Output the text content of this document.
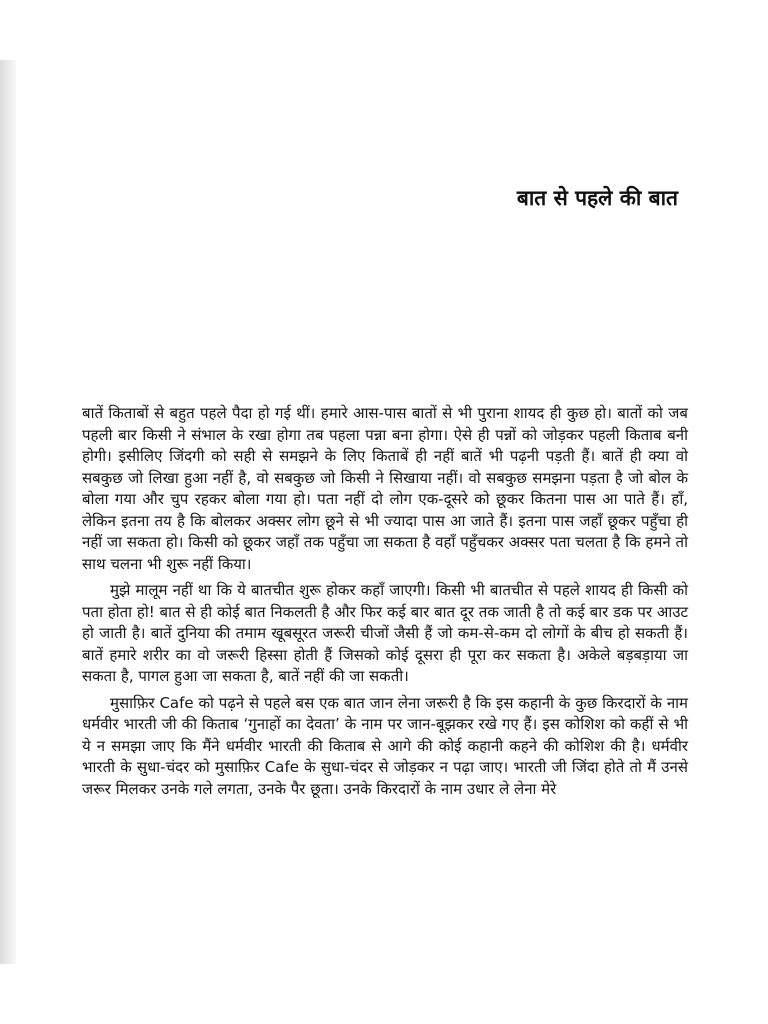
बात से पहले की बात

बातें किताबों से बहुत पहले पैदा हो गई थीं। हमारे आस-पास बातों से भी पुराना शायद ही कुछ हो। बातों को जब पहली बार किसी ने संभाल के रखा होगा तब पहला पन्ना बना होगा। ऐसे ही पन्नों को जोड़कर पहली किताब बनी होगी। इसीलिए जिंदगी को सही से समझने के लिए किताबें ही नहीं बातें भी पढ़नी पड़ती हैं। बातें ही क्या वो सबकुछ जो लिखा हुआ नहीं है, वो सबकुछ जो किसी ने सिखाया नहीं। वो सबकुछ समझना पड़ता है जो बोल के बोला गया और चुप रहकर बोला गया हो। पता नहीं दो लोग एक-दूसरे को छूकर कितना पास आ पाते हैं। हाँ, लेकिन इतना तय है कि बोलकर अक्सर लोग छूने से भी ज्यादा पास आ जाते हैं। इतना पास जहाँ छूकर पहुँचा ही नहीं जा सकता हो। किसी को छूकर जहाँ तक पहुँचा जा सकता है वहाँ पहुँचकर अक्सर पता चलता है कि हमने तो साथ चलना भी शुरू नहीं किया।

मुझे मालूम नहीं था कि ये बातचीत शुरू होकर कहाँ जाएगी। किसी भी बातचीत से पहले शायद ही किसी को पता होता हो! बात से ही कोई बात निकलती है और फिर कई बार बात दूर तक जाती है तो कई बार डक पर आउट हो जाती है। बातें दुनिया की तमाम खूबसूरत जरूरी चीजों जैसी हैं जो कम-से-कम दो लोगों के बीच हो सकती हैं। बातें हमारे शरीर का वो जरूरी हिस्सा होती हैं जिसको कोई दूसरा ही पूरा कर सकता है। अकेले बड़बड़ाया जा सकता है, पागल हुआ जा सकता है, बातें नहीं की जा सकती।

मुसाफ़िर Cafe को पढ़ने से पहले बस एक बात जान लेना जरूरी है कि इस कहानी के कुछ किरदारों के नाम धर्मवीर भारती जी की किताब ‘गुनाहों का देवता’ के नाम पर जान-बूझकर रखे गए हैं। इस कोशिश को कहीं से भी ये न समझा जाए कि मैंने धर्मवीर भारती की किताब से आगे की कोई कहानी कहने की कोशिश की है। धर्मवीर भारती के सुधा-चंदर को मुसाफ़िर Cafe के सुधा-चंदर से जोड़कर न पढ़ा जाए। भारती जी जिंदा होते तो मैं उनसे जरूर मिलकर उनके गले लगता, उनके पैर छूता। उनके किरदारों के नाम उधार ले लेना मेरे
